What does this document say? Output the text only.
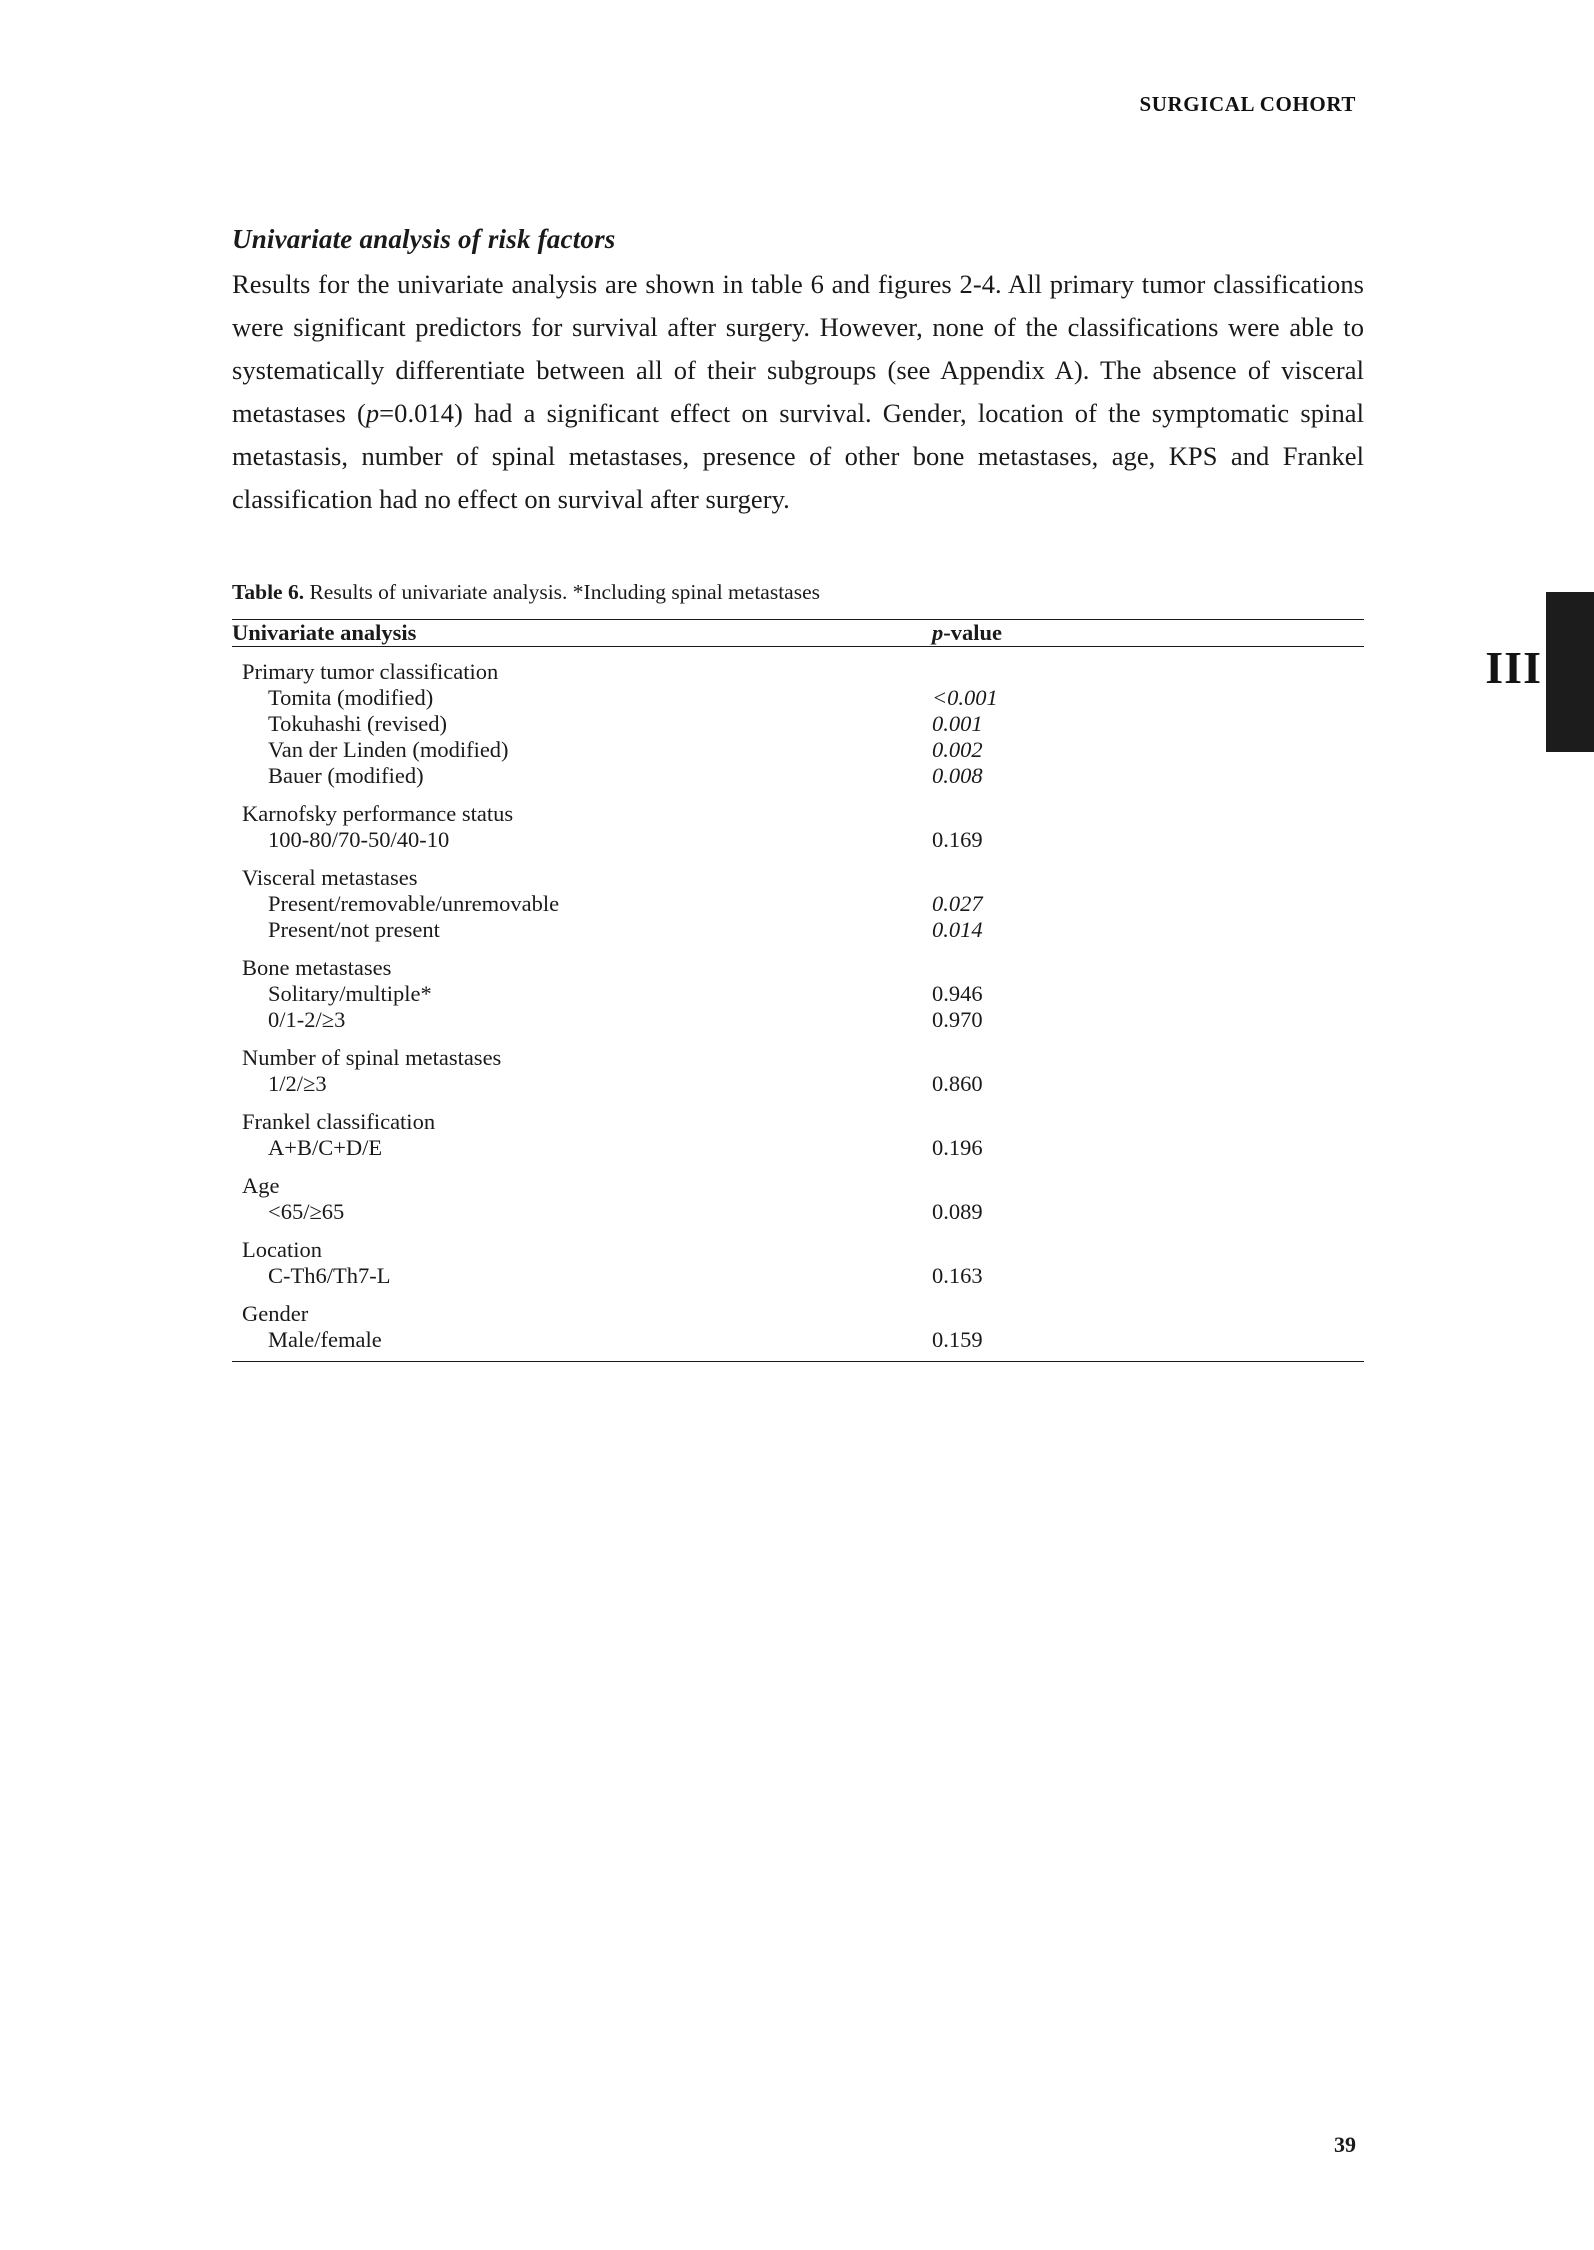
SURGICAL COHORT
III
Univariate analysis of risk factors

Results for the univariate analysis are shown in table 6 and figures 2-4. All primary tumor classifications were significant predictors for survival after surgery. However, none of the classifications were able to systematically differentiate between all of their subgroups (see Appendix A). The absence of visceral metastases (p=0.014) had a significant effect on survival. Gender, location of the symptomatic spinal metastasis, number of spinal metastases, presence of other bone metastases, age, KPS and Frankel classification had no effect on survival after surgery.

Table 6. Results of univariate analysis. *Including spinal metastases
Univariate analysis	p-value
Primary tumor classification	
Tomita (modified)	<0.001
Tokuhashi (revised)	0.001
Van der Linden (modified)	0.002
Bauer (modified)	0.008
Karnofsky performance status	
100-80/70-50/40-10	0.169
Visceral metastases	
Present/removable/unremovable	0.027
Present/not present	0.014
Bone metastases	
Solitary/multiple*	0.946
0/1-2/≥3	0.970
Number of spinal metastases	
1/2/≥3	0.860
Frankel classification	
A+B/C+D/E	0.196
Age	
<65/≥65	0.089
Location	
C-Th6/Th7-L	0.163
Gender	
Male/female	0.159
39
